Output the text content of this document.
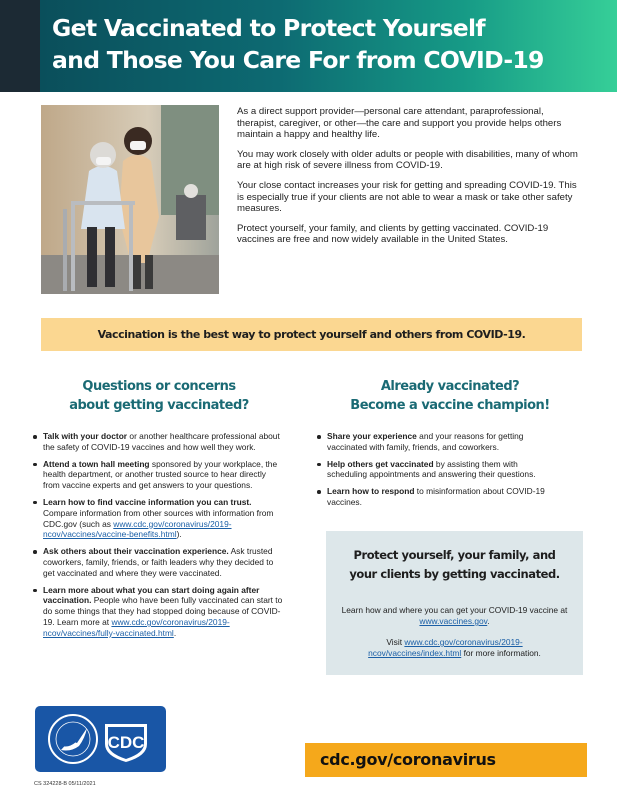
Get Vaccinated to Protect Yourself
and Those You Care For from COVID-19

As a direct support provider—personal care attendant, paraprofessional, therapist, caregiver, or other—the care and support you provide helps others maintain a happy and healthy life.

You may work closely with older adults or people with disabilities, many of whom are at high risk of severe illness from COVID-19.

Your close contact increases your risk for getting and spreading COVID-19. This is especially true if your clients are not able to wear a mask or take other safety measures.

Protect yourself, your family, and clients by getting vaccinated. COVID-19 vaccines are free and now widely available in the United States.

Vaccination is the best way to protect yourself and others from COVID-19.
Questions or concerns
about getting vaccinated?
Talk with your doctor or another healthcare professional about the safety of COVID-19 vaccines and how well they work.
Attend a town hall meeting sponsored by your workplace, the health department, or another trusted source to hear directly from vaccine experts and get answers to your questions.
Learn how to find vaccine information you can trust. Compare information from other sources with information from CDC.gov (such as www.cdc.gov/coronavirus/2019-ncov/vaccines/vaccine-benefits.html).
Ask others about their vaccination experience. Ask trusted coworkers, family, friends, or faith leaders why they decided to get vaccinated and where they were vaccinated.
Learn more about what you can start doing again after vaccination. People who have been fully vaccinated can start to do some things that they had stopped doing because of COVID-19. Learn more at www.cdc.gov/coronavirus/2019-ncov/vaccines/fully-vaccinated.html.
Already vaccinated?
Become a vaccine champion!
Share your experience and your reasons for getting vaccinated with family, friends, and coworkers.
Help others get vaccinated by assisting them with scheduling appointments and answering their questions.
Learn how to respond to misinformation about COVID-19 vaccines.
Protect yourself, your family, and
your clients by getting vaccinated.
Learn how and where you can get your COVID-19 vaccine at www.vaccines.gov.
Visit www.cdc.gov/coronavirus/2019-ncov/vaccines/index.html for more information.
CDC
CS 324228-B 05/11/2021
cdc.gov/coronavirus
